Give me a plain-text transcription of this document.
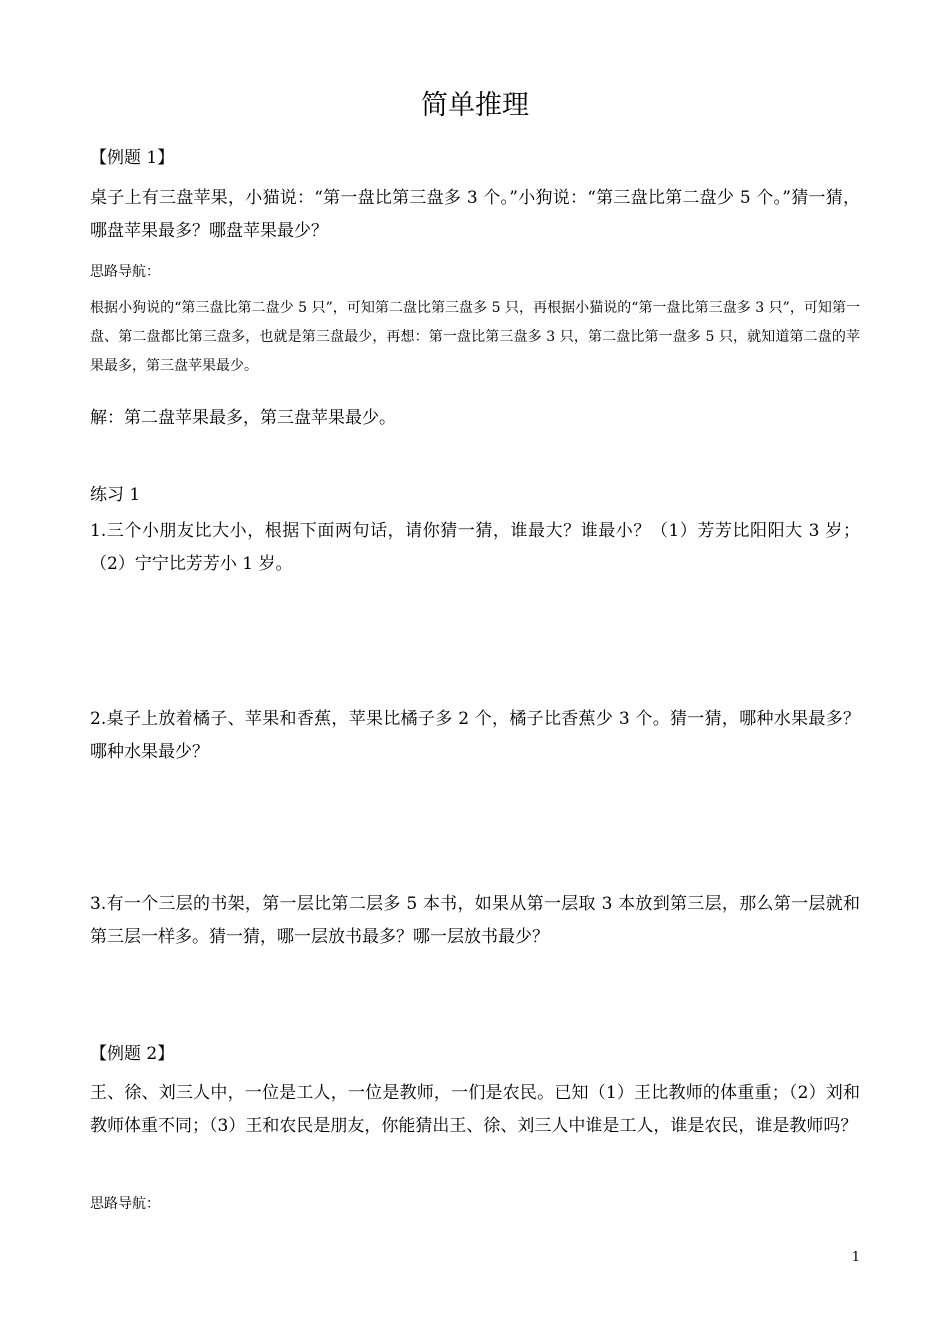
简单推理
【例题 1】

桌子上有三盘苹果，小猫说：“第一盘比第三盘多 3 个。”小狗说：“第三盘比第二盘少 5 个。”猜一猜，哪盘苹果最多？哪盘苹果最少？

思路导航：

根据小狗说的“第三盘比第二盘少 5 只”，可知第二盘比第三盘多 5 只，再根据小猫说的“第一盘比第三盘多 3 只”，可知第一盘、第二盘都比第三盘多，也就是第三盘最少，再想：第一盘比第三盘多 3 只，第二盘比第一盘多 5 只，就知道第二盘的苹果最多，第三盘苹果最少。

解：第二盘苹果最多，第三盘苹果最少。
练习 1

1.三个小朋友比大小，根据下面两句话，请你猜一猜，谁最大？谁最小？（1）芳芳比阳阳大 3 岁；（2）宁宁比芳芳小 1 岁。

2.桌子上放着橘子、苹果和香蕉，苹果比橘子多 2 个，橘子比香蕉少 3 个。猜一猜，哪种水果最多？哪种水果最少？

3.有一个三层的书架，第一层比第二层多 5 本书，如果从第一层取 3 本放到第三层，那么第一层就和第三层一样多。猜一猜，哪一层放书最多？哪一层放书最少？

【例题 2】

王、徐、刘三人中，一位是工人，一位是教师，一们是农民。已知（1）王比教师的体重重；（2）刘和教师体重不同；（3）王和农民是朋友，你能猜出王、徐、刘三人中谁是工人，谁是农民，谁是教师吗？

思路导航：
1
